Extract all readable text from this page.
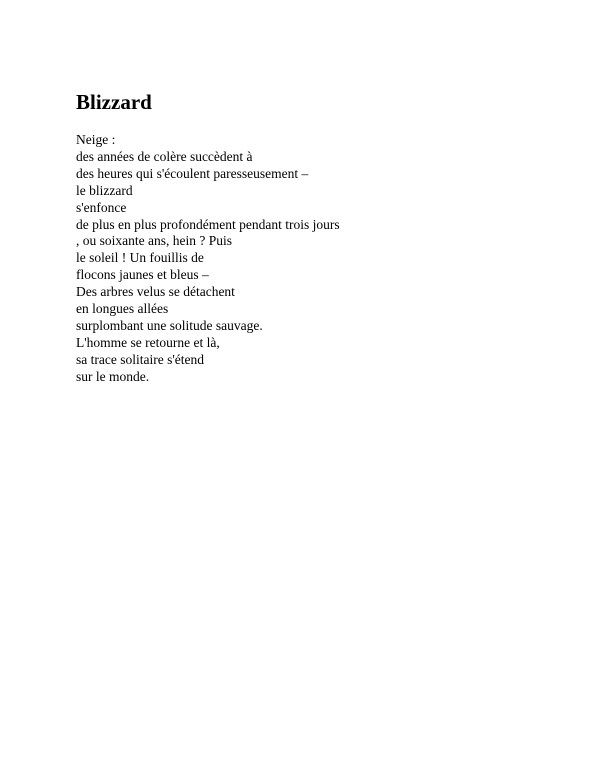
Blizzard
Neige :
des années de colère succèdent à
des heures qui s'écoulent paresseusement –
le blizzard
s'enfonce
de plus en plus profondément pendant trois jours
, ou soixante ans, hein ? Puis
le soleil ! Un fouillis de
flocons jaunes et bleus –
Des arbres velus se détachent
en longues allées
surplombant une solitude sauvage.
L'homme se retourne et là,
sa trace solitaire s'étend
sur le monde.
